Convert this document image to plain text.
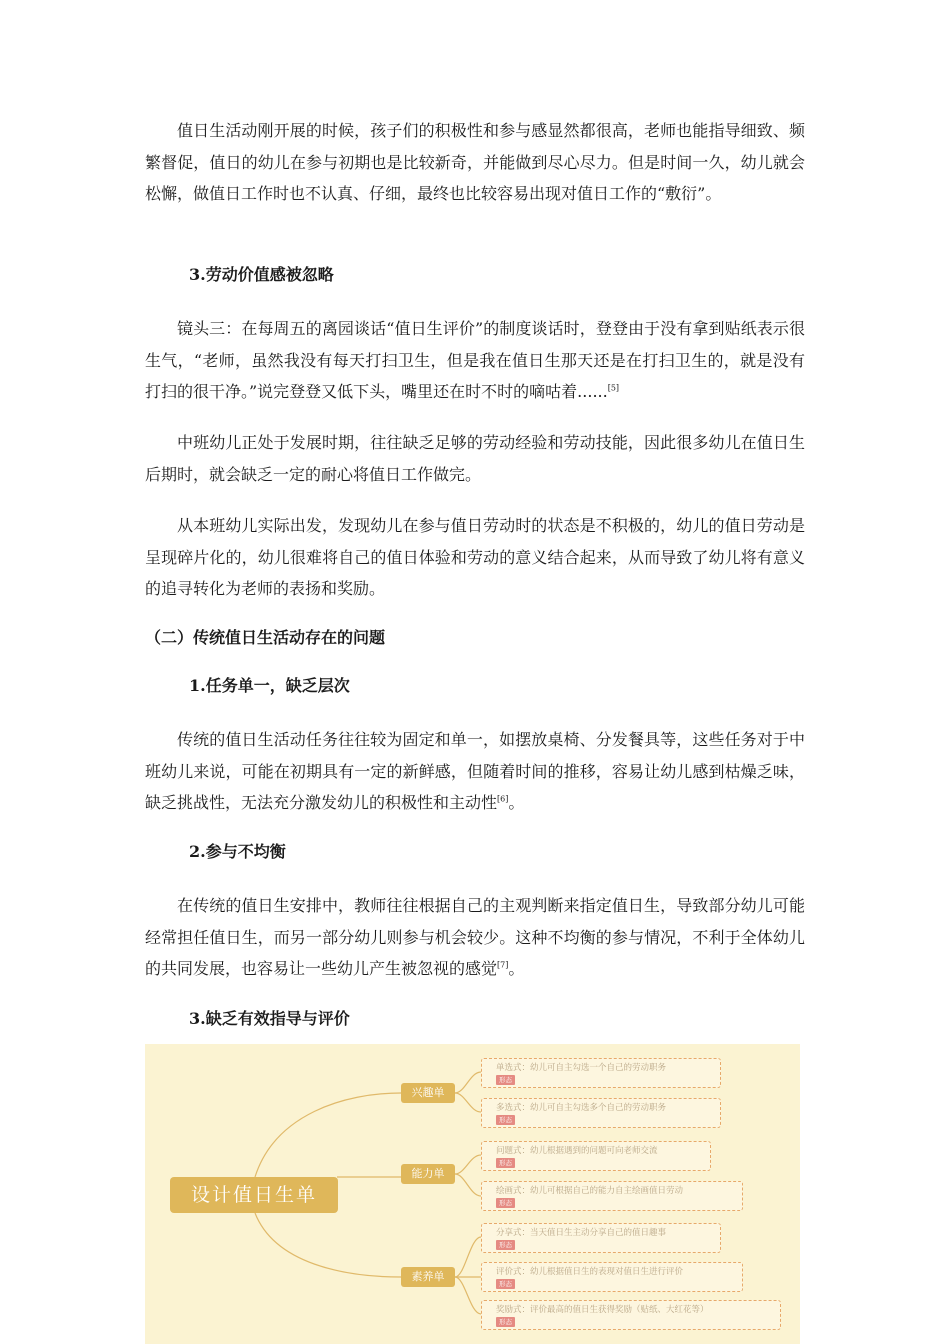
值日生活动刚开展的时候，孩子们的积极性和参与感显然都很高，老师也能指导细致、频繁督促，值日的幼儿在参与初期也是比较新奇，并能做到尽心尽力。但是时间一久，幼儿就会松懈，做值日工作时也不认真、仔细，最终也比较容易出现对值日工作的“敷衍”。

3.劳动价值感被忽略

镜头三：在每周五的离园谈话“值日生评价”的制度谈话时，登登由于没有拿到贴纸表示很生气，“老师，虽然我没有每天打扫卫生，但是我在值日生那天还是在打扫卫生的，就是没有打扫的很干净。”说完登登又低下头，嘴里还在时不时的嘀咕着......[5]

中班幼儿正处于发展时期，往往缺乏足够的劳动经验和劳动技能，因此很多幼儿在值日生后期时，就会缺乏一定的耐心将值日工作做完。

从本班幼儿实际出发，发现幼儿在参与值日劳动时的状态是不积极的，幼儿的值日劳动是呈现碎片化的，幼儿很难将自己的值日体验和劳动的意义结合起来，从而导致了幼儿将有意义的追寻转化为老师的表扬和奖励。

（二）传统值日生活动存在的问题
1.任务单一，缺乏层次

传统的值日生活动任务往往较为固定和单一，如摆放桌椅、分发餐具等，这些任务对于中班幼儿来说，可能在初期具有一定的新鲜感，但随着时间的推移，容易让幼儿感到枯燥乏味，缺乏挑战性，无法充分激发幼儿的积极性和主动性[6]。

2.参与不均衡

在传统的值日生安排中，教师往往根据自己的主观判断来指定值日生，导致部分幼儿可能经常担任值日生，而另一部分幼儿则参与机会较少。这种不均衡的参与情况，不利于全体幼儿的共同发展，也容易让一些幼儿产生被忽视的感觉[7]。

3.缺乏有效指导与评价
设计值日生单
兴趣单
能力单
素养单
单选式：幼儿可自主勾选一个自己的劳动职务
形态
多选式：幼儿可自主勾选多个自己的劳动职务
形态
问题式：幼儿根据遇到的问题可向老师交流
形态
绘画式：幼儿可根据自己的能力自主绘画值日劳动
形态
分享式：当天值日生主动分享自己的值日趣事
形态
评价式：幼儿根据值日生的表现对值日生进行评价
形态
奖励式：评价最高的值日生获得奖励（贴纸、大红花等）
形态
